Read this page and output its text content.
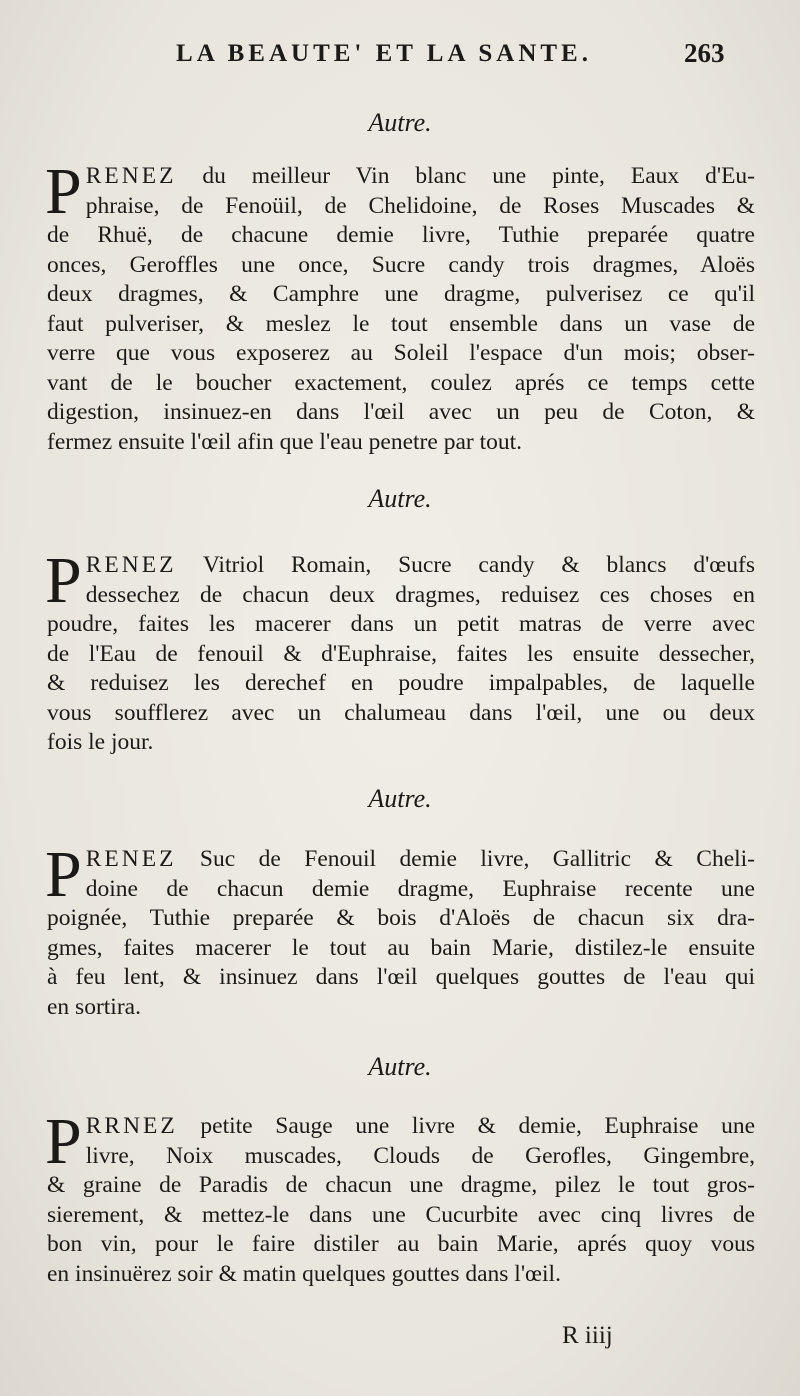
LA BEAUTE' ET LA SANTE.	263
Autre.
P RENEZ du meilleur Vin blanc une pinte, Eaux d'Eu-
phraise, de Fenoüil, de Chelidoine, de Roses Muscades &
de Rhuë, de chacune demie livre, Tuthie preparée quatre
onces, Geroffles une once, Sucre candy trois dragmes, Aloës
deux dragmes, & Camphre une dragme, pulverisez ce qu'il
faut pulveriser, & meslez le tout ensemble dans un vase de
verre que vous exposerez au Soleil l'espace d'un mois; obser-
vant de le boucher exactement, coulez aprés ce temps cette
digestion, insinuez-en dans l'œil avec un peu de Coton, &
fermez ensuite l'œil afin que l'eau penetre par tout.
Autre.
P RENEZ Vitriol Romain, Sucre candy & blancs d'œufs
dessechez de chacun deux dragmes, reduisez ces choses en
poudre, faites les macerer dans un petit matras de verre avec
de l'Eau de fenouil & d'Euphraise, faites les ensuite dessecher,
& reduisez les derechef en poudre impalpables, de laquelle
vous soufflerez avec un chalumeau dans l'œil, une ou deux
fois le jour.
Autre.
P RENEZ Suc de Fenouil demie livre, Gallitric & Cheli-
doine de chacun demie dragme, Euphraise recente une
poignée, Tuthie preparée & bois d'Aloës de chacun six dra-
gmes, faites macerer le tout au bain Marie, distilez-le ensuite
à feu lent, & insinuez dans l'œil quelques gouttes de l'eau qui
en sortira.
Autre.
P RRNEZ petite Sauge une livre & demie, Euphraise une
livre, Noix muscades, Clouds de Gerofles, Gingembre,
& graine de Paradis de chacun une dragme, pilez le tout gros-
sierement, & mettez-le dans une Cucurbite avec cinq livres de
bon vin, pour le faire distiler au bain Marie, aprés quoy vous
en insinuërez soir & matin quelques gouttes dans l'œil.
R iiij
